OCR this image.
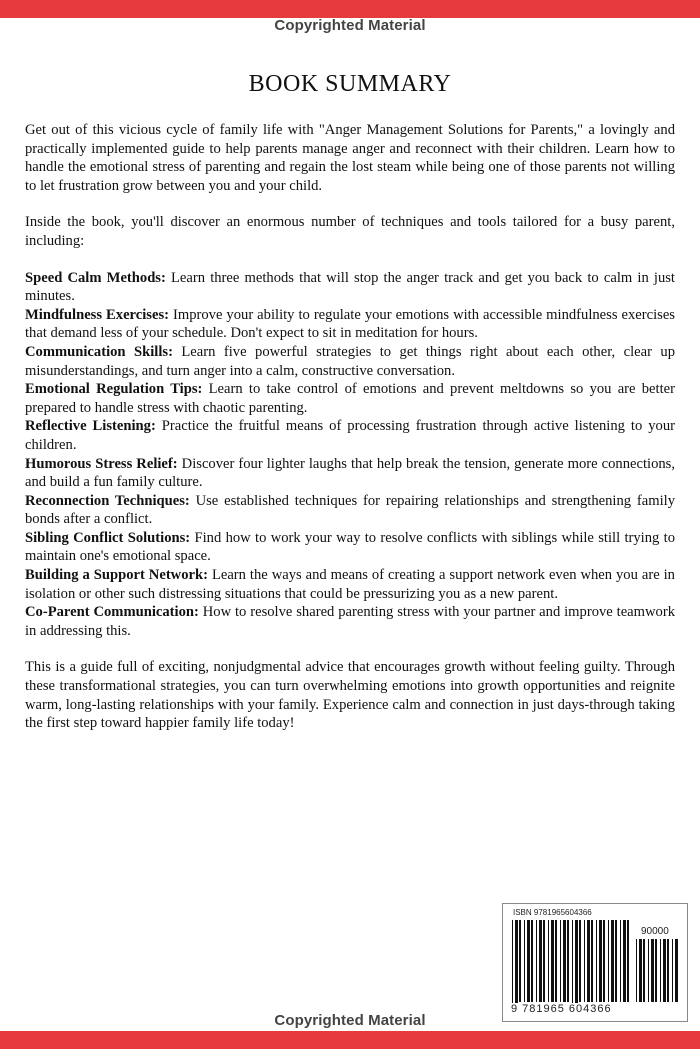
Copyrighted Material
BOOK SUMMARY

Get out of this vicious cycle of family life with "Anger Management Solutions for Parents," a lovingly and practically implemented guide to help parents manage anger and reconnect with their children. Learn how to handle the emotional stress of parenting and regain the lost steam while being one of those parents not willing to let frustration grow between you and your child.

Inside the book, you'll discover an enormous number of techniques and tools tailored for a busy parent, including:

Speed Calm Methods: Learn three methods that will stop the anger track and get you back to calm in just minutes.

Mindfulness Exercises: Improve your ability to regulate your emotions with accessible mindfulness exercises that demand less of your schedule. Don't expect to sit in meditation for hours.

Communication Skills: Learn five powerful strategies to get things right about each other, clear up misunderstandings, and turn anger into a calm, constructive conversation.

Emotional Regulation Tips: Learn to take control of emotions and prevent meltdowns so you are better prepared to handle stress with chaotic parenting.

Reflective Listening: Practice the fruitful means of processing frustration through active listening to your children.

Humorous Stress Relief: Discover four lighter laughs that help break the tension, generate more connections, and build a fun family culture.

Reconnection Techniques: Use established techniques for repairing relationships and strengthening family bonds after a conflict.

Sibling Conflict Solutions: Find how to work your way to resolve conflicts with siblings while still trying to maintain one's emotional space.

Building a Support Network: Learn the ways and means of creating a support network even when you are in isolation or other such distressing situations that could be pressurizing you as a new parent.

Co-Parent Communication: How to resolve shared parenting stress with your partner and improve teamwork in addressing this.

This is a guide full of exciting, nonjudgmental advice that encourages growth without feeling guilty. Through these transformational strategies, you can turn overwhelming emotions into growth opportunities and reignite warm, long-lasting relationships with your family. Experience calm and connection in just days-through taking the first step toward happier family life today!

ISBN 9781965604366
90000
9 781965 604366
Copyrighted Material
